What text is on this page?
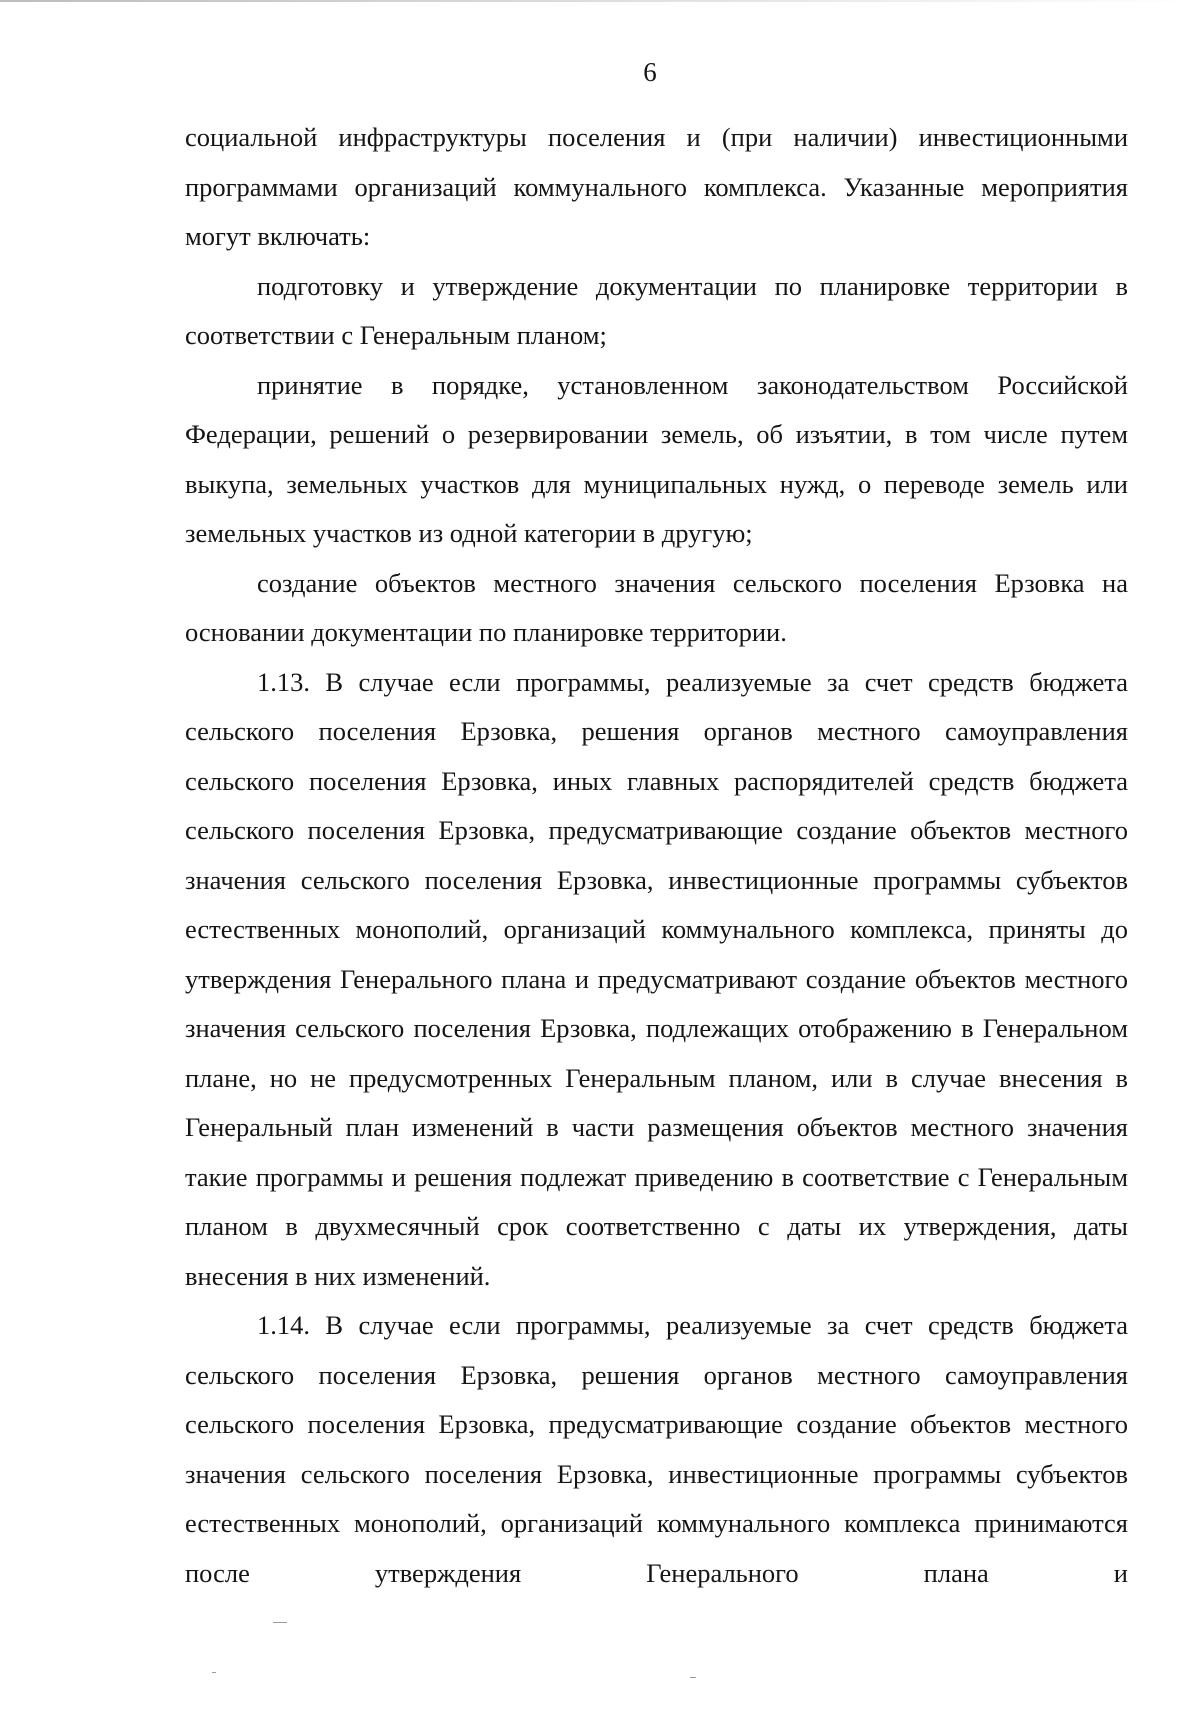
6

социальной инфраструктуры поселения и (при наличии) инвестиционными программами организаций коммунального комплекса. Указанные мероприятия могут включать:

подготовку и утверждение документации по планировке территории в соответствии с Генеральным планом;

принятие в порядке, установленном законодательством Российской Федерации, решений о резервировании земель, об изъятии, в том числе путем выкупа, земельных участков для муниципальных нужд, о переводе земель или земельных участков из одной категории в другую;

создание объектов местного значения сельского поселения Ерзовка на основании документации по планировке территории.

1.13. В случае если программы, реализуемые за счет средств бюджета сельского поселения Ерзовка, решения органов местного самоуправления сельского поселения Ерзовка, иных главных распорядителей средств бюджета сельского поселения Ерзовка, предусматривающие создание объектов местного значения сельского поселения Ерзовка, инвестиционные программы субъектов естественных монополий, организаций коммунального комплекса, приняты до утверждения Генерального плана и предусматривают создание объектов местного значения сельского поселения Ерзовка, подлежащих отображению в Генеральном плане, но не предусмотренных Генеральным планом, или в случае внесения в Генеральный план изменений в части размещения объектов местного значения такие программы и решения подлежат приведению в соответствие с Генеральным планом в двухмесячный срок соответственно с даты их утверждения, даты внесения в них изменений.

1.14. В случае если программы, реализуемые за счет средств бюджета сельского поселения Ерзовка, решения органов местного самоуправления сельского поселения Ерзовка, предусматривающие создание объектов местного значения сельского поселения Ерзовка, инвестиционные программы субъектов естественных монополий, организаций коммунального комплекса принимаются после утверждения Генерального плана и
